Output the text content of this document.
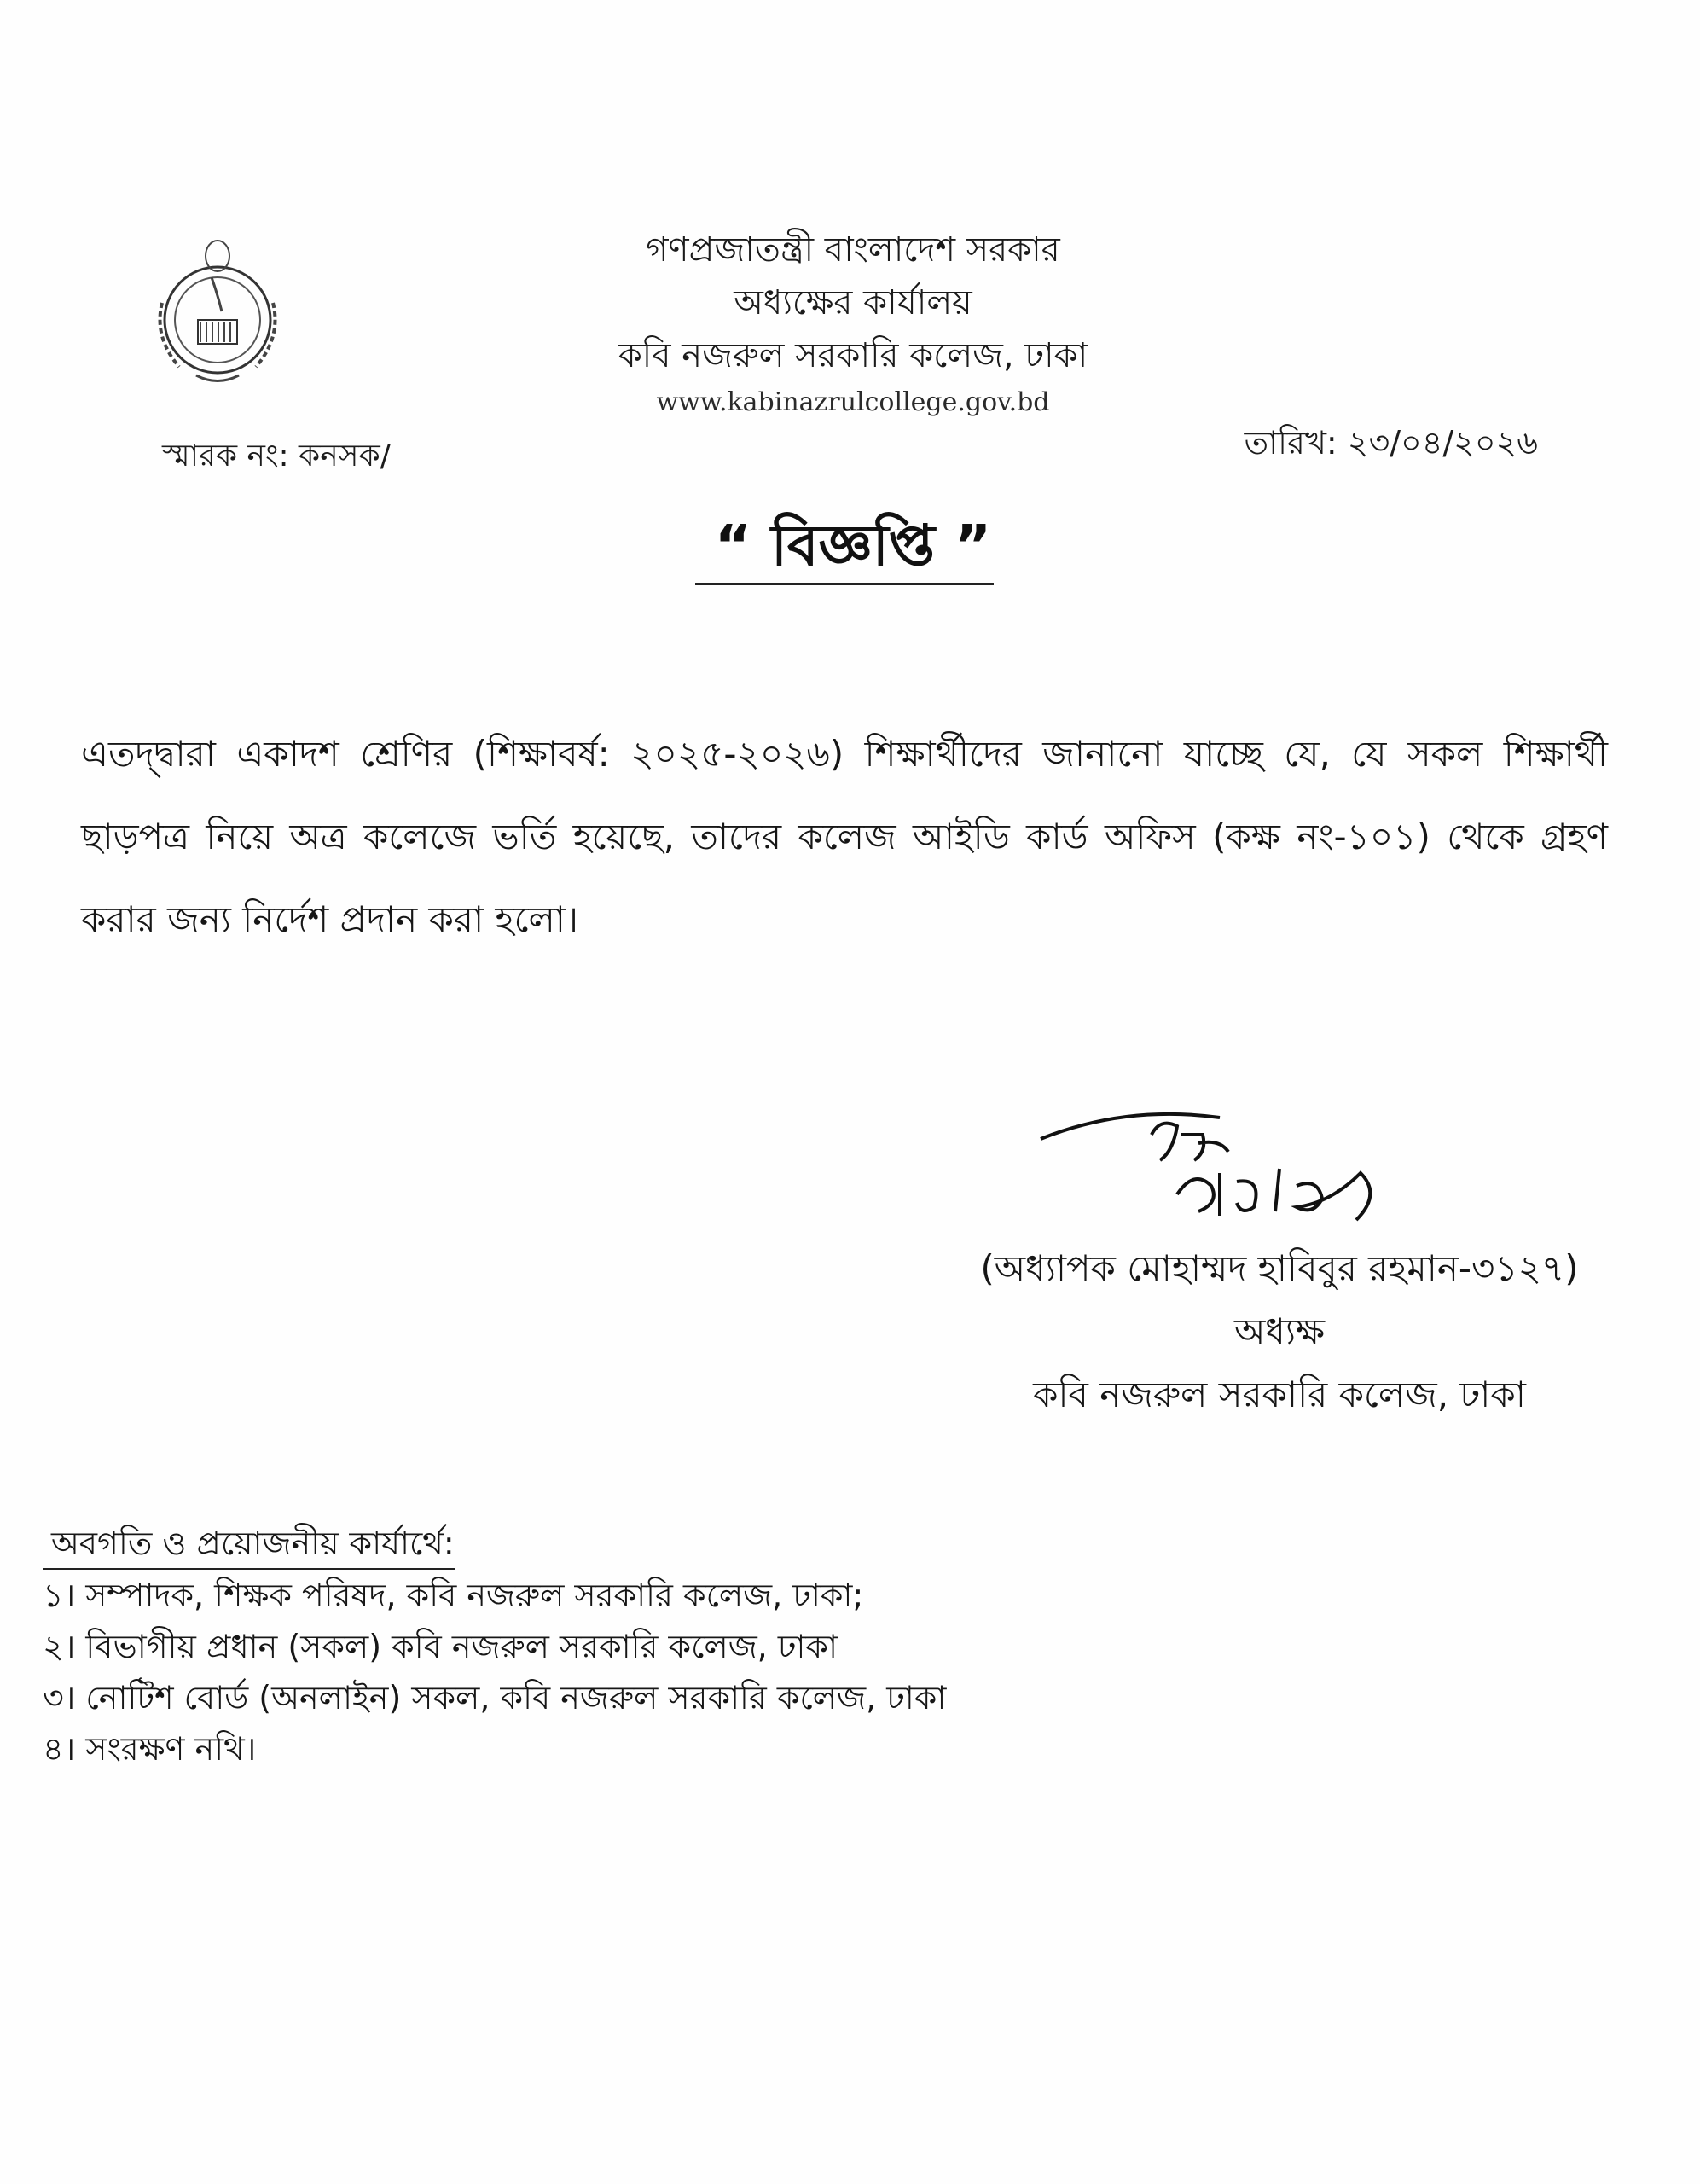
গণপ্রজাতন্ত্রী বাংলাদেশ সরকার
অধ্যক্ষের কার্যালয়
কবি নজরুল সরকারি কলেজ, ঢাকা
www.kabinazrulcollege.gov.bd
স্মারক নং: কনসক/	তারিখ: ২৩/০৪/২০২৬
“ বিজ্ঞপ্তি ”
এতদ্দ্বারা একাদশ শ্রেণির (শিক্ষাবর্ষ: ২০২৫-২০২৬) শিক্ষার্থীদের জানানো যাচ্ছে যে, যে সকল শিক্ষার্থী ছাড়পত্র নিয়ে অত্র কলেজে ভর্তি হয়েছে, তাদের কলেজ আইডি কার্ড অফিস (কক্ষ নং-১০১) থেকে গ্রহণ করার জন্য নির্দেশ প্রদান করা হলো।
(অধ্যাপক মোহাম্মদ হাবিবুর রহমান-৩১২৭)
অধ্যক্ষ
কবি নজরুল সরকারি কলেজ, ঢাকা
অবগতি ও প্রয়োজনীয় কার্যার্থে:
১। সম্পাদক, শিক্ষক পরিষদ, কবি নজরুল সরকারি কলেজ, ঢাকা;
২। বিভাগীয় প্রধান (সকল) কবি নজরুল সরকারি কলেজ, ঢাকা
৩। নোটিশ বোর্ড (অনলাইন) সকল, কবি নজরুল সরকারি কলেজ, ঢাকা
৪। সংরক্ষণ নথি।
